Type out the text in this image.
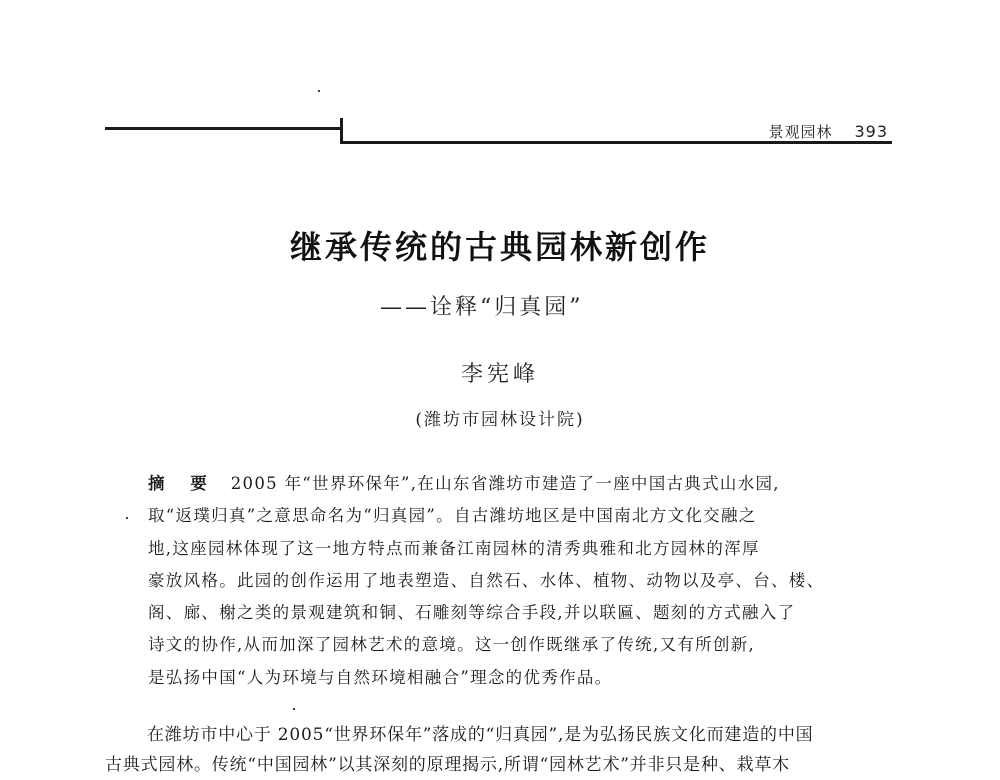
景观园林 393
继承传统的古典园林新创作
——诠释“归真园”
李宪峰
(潍坊市园林设计院)
摘 要 2005 年“世界环保年”,在山东省潍坊市建造了一座中国古典式山水园,
取“返璞归真”之意思命名为“归真园”。自古潍坊地区是中国南北方文化交融之
地,这座园林体现了这一地方特点而兼备江南园林的清秀典雅和北方园林的浑厚
豪放风格。此园的创作运用了地表塑造、自然石、水体、植物、动物以及亭、台、楼、
阁、廊、榭之类的景观建筑和铜、石雕刻等综合手段,并以联匾、题刻的方式融入了
诗文的协作,从而加深了园林艺术的意境。这一创作既继承了传统,又有所创新,
是弘扬中国“人为环境与自然环境相融合”理念的优秀作品。
在潍坊市中心于 2005“世界环保年”落成的“归真园”,是为弘扬民族文化而建造的中国
古典式园林。传统“中国园林”以其深刻的原理揭示,所谓“园林艺术”并非只是种、栽草木
